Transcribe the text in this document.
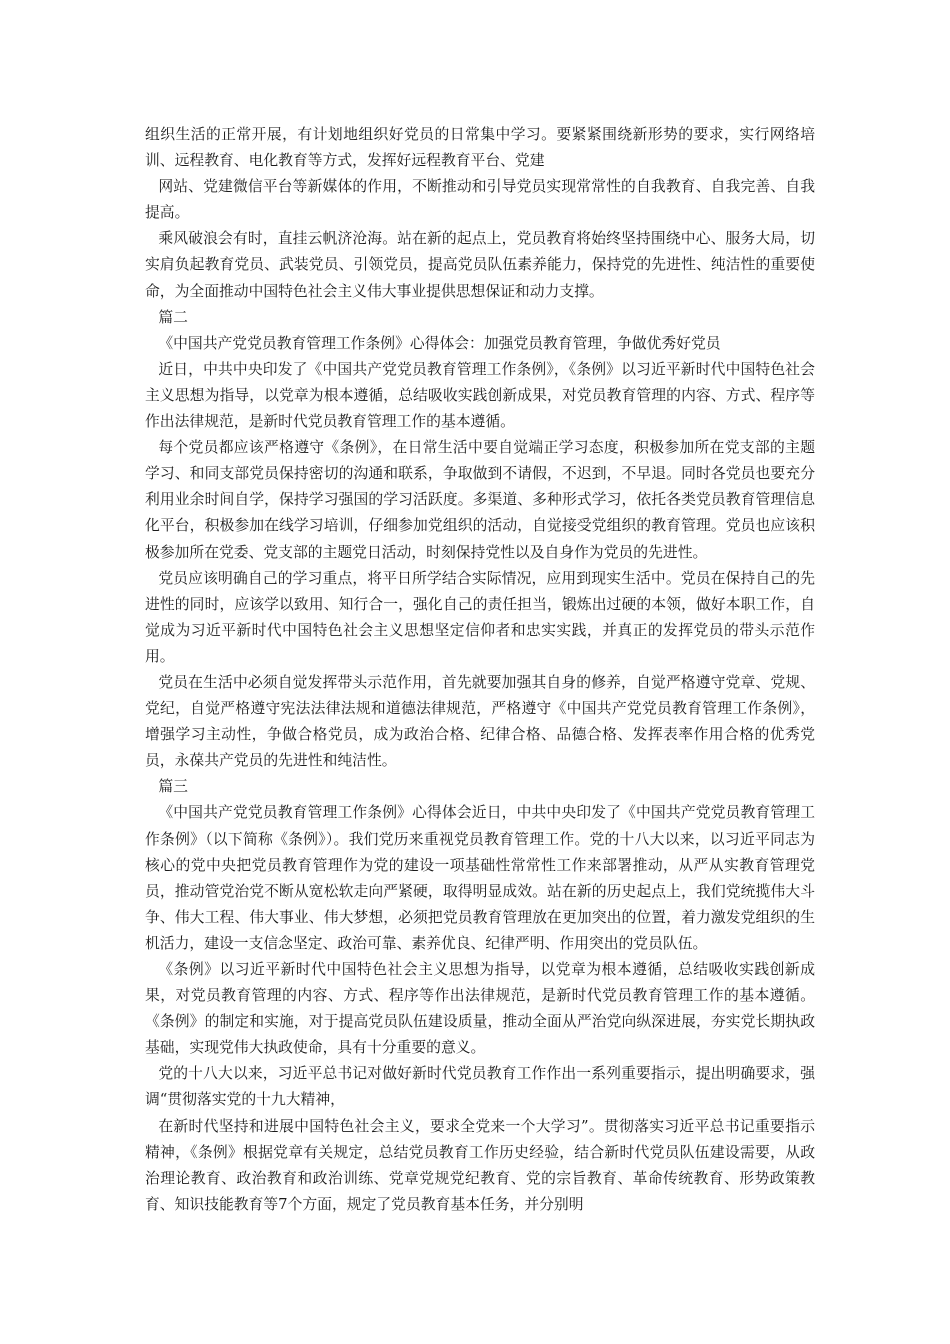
组织生活的正常开展，有计划地组织好党员的日常集中学习。要紧紧围绕新形势的要求，实行网络培训、远程教育、电化教育等方式，发挥好远程教育平台、党建

网站、党建微信平台等新媒体的作用，不断推动和引导党员实现常常性的自我教育、自我完善、自我提高。

乘风破浪会有时，直挂云帆济沧海。站在新的起点上，党员教育将始终坚持围绕中心、服务大局，切实肩负起教育党员、武装党员、引领党员，提高党员队伍素养能力，保持党的先进性、纯洁性的重要使命，为全面推动中国特色社会主义伟大事业提供思想保证和动力支撑。

篇二

《中国共产党党员教育管理工作条例》心得体会：加强党员教育管理，争做优秀好党员

近日，中共中央印发了《中国共产党党员教育管理工作条例》，《条例》以习近平新时代中国特色社会主义思想为指导，以党章为根本遵循，总结吸收实践创新成果，对党员教育管理的内容、方式、程序等作出法律规范，是新时代党员教育管理工作的基本遵循。

每个党员都应该严格遵守《条例》，在日常生活中要自觉端正学习态度，积极参加所在党支部的主题学习、和同支部党员保持密切的沟通和联系，争取做到不请假，不迟到，不早退。同时各党员也要充分利用业余时间自学，保持学习强国的学习活跃度。多渠道、多种形式学习，依托各类党员教育管理信息化平台，积极参加在线学习培训，仔细参加党组织的活动，自觉接受党组织的教育管理。党员也应该积极参加所在党委、党支部的主题党日活动，时刻保持党性以及自身作为党员的先进性。

党员应该明确自己的学习重点，将平日所学结合实际情况，应用到现实生活中。党员在保持自己的先进性的同时，应该学以致用、知行合一，强化自己的责任担当，锻炼出过硬的本领，做好本职工作，自觉成为习近平新时代中国特色社会主义思想坚定信仰者和忠实实践，并真正的发挥党员的带头示范作用。

党员在生活中必须自觉发挥带头示范作用，首先就要加强其自身的修养，自觉严格遵守党章、党规、党纪，自觉严格遵守宪法法律法规和道德法律规范，严格遵守《中国共产党党员教育管理工作条例》，增强学习主动性，争做合格党员，成为政治合格、纪律合格、品德合格、发挥表率作用合格的优秀党员，永葆共产党员的先进性和纯洁性。

篇三

《中国共产党党员教育管理工作条例》心得体会近日，中共中央印发了《中国共产党党员教育管理工作条例》（以下简称《条例》）。我们党历来重视党员教育管理工作。党的十八大以来，以习近平同志为核心的党中央把党员教育管理作为党的建设一项基础性常常性工作来部署推动，从严从实教育管理党员，推动管党治党不断从宽松软走向严紧硬，取得明显成效。站在新的历史起点上，我们党统揽伟大斗争、伟大工程、伟大事业、伟大梦想，必须把党员教育管理放在更加突出的位置，着力激发党组织的生机活力，建设一支信念坚定、政治可靠、素养优良、纪律严明、作用突出的党员队伍。

《条例》以习近平新时代中国特色社会主义思想为指导，以党章为根本遵循，总结吸收实践创新成果，对党员教育管理的内容、方式、程序等作出法律规范，是新时代党员教育管理工作的基本遵循。《条例》的制定和实施，对于提高党员队伍建设质量，推动全面从严治党向纵深进展，夯实党长期执政基础，实现党伟大执政使命，具有十分重要的意义。

党的十八大以来，习近平总书记对做好新时代党员教育工作作出一系列重要指示，提出明确要求，强调“贯彻落实党的十九大精神，

在新时代坚持和进展中国特色社会主义，要求全党来一个大学习”。贯彻落实习近平总书记重要指示精神，《条例》根据党章有关规定，总结党员教育工作历史经验，结合新时代党员队伍建设需要，从政治理论教育、政治教育和政治训练、党章党规党纪教育、党的宗旨教育、革命传统教育、形势政策教育、知识技能教育等7个方面，规定了党员教育基本任务，并分别明
